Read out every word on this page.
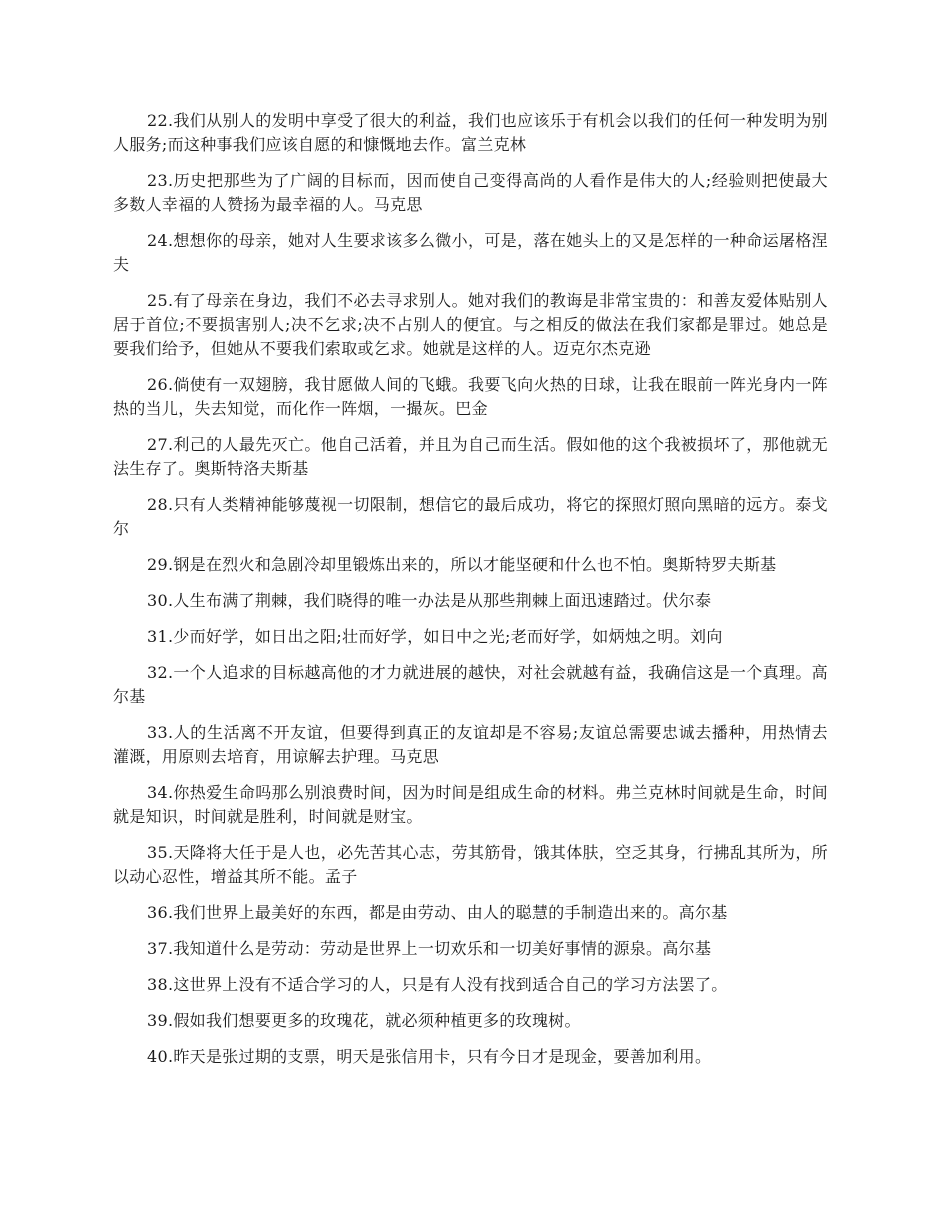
22.我们从别人的发明中享受了很大的利益，我们也应该乐于有机会以我们的任何一种发明为别人服务;而这种事我们应该自愿的和慷慨地去作。富兰克林

23.历史把那些为了广阔的目标而，因而使自己变得高尚的人看作是伟大的人;经验则把使最大多数人幸福的人赞扬为最幸福的人。马克思

24.想想你的母亲，她对人生要求该多么微小，可是，落在她头上的又是怎样的一种命运屠格涅夫

25.有了母亲在身边，我们不必去寻求别人。她对我们的教诲是非常宝贵的：和善友爱体贴别人居于首位;不要损害别人;决不乞求;决不占别人的便宜。与之相反的做法在我们家都是罪过。她总是要我们给予，但她从不要我们索取或乞求。她就是这样的人。迈克尔杰克逊

26.倘使有一双翅膀，我甘愿做人间的飞蛾。我要飞向火热的日球，让我在眼前一阵光身内一阵热的当儿，失去知觉，而化作一阵烟，一撮灰。巴金

27.利己的人最先灭亡。他自己活着，并且为自己而生活。假如他的这个我被损坏了，那他就无法生存了。奥斯特洛夫斯基

28.只有人类精神能够蔑视一切限制，想信它的最后成功，将它的探照灯照向黑暗的远方。泰戈尔

29.钢是在烈火和急剧冷却里锻炼出来的，所以才能坚硬和什么也不怕。奥斯特罗夫斯基

30.人生布满了荆棘，我们晓得的唯一办法是从那些荆棘上面迅速踏过。伏尔泰

31.少而好学，如日出之阳;壮而好学，如日中之光;老而好学，如炳烛之明。刘向

32.一个人追求的目标越高他的才力就进展的越快，对社会就越有益，我确信这是一个真理。高尔基

33.人的生活离不开友谊，但要得到真正的友谊却是不容易;友谊总需要忠诚去播种，用热情去灌溉，用原则去培育，用谅解去护理。马克思

34.你热爱生命吗那么别浪费时间，因为时间是组成生命的材料。弗兰克林时间就是生命，时间就是知识，时间就是胜利，时间就是财宝。

35.天降将大任于是人也，必先苦其心志，劳其筋骨，饿其体肤，空乏其身，行拂乱其所为，所以动心忍性，增益其所不能。孟子

36.我们世界上最美好的东西，都是由劳动、由人的聪慧的手制造出来的。高尔基

37.我知道什么是劳动：劳动是世界上一切欢乐和一切美好事情的源泉。高尔基

38.这世界上没有不适合学习的人，只是有人没有找到适合自己的学习方法罢了。

39.假如我们想要更多的玫瑰花，就必须种植更多的玫瑰树。

40.昨天是张过期的支票，明天是张信用卡，只有今日才是现金，要善加利用。
